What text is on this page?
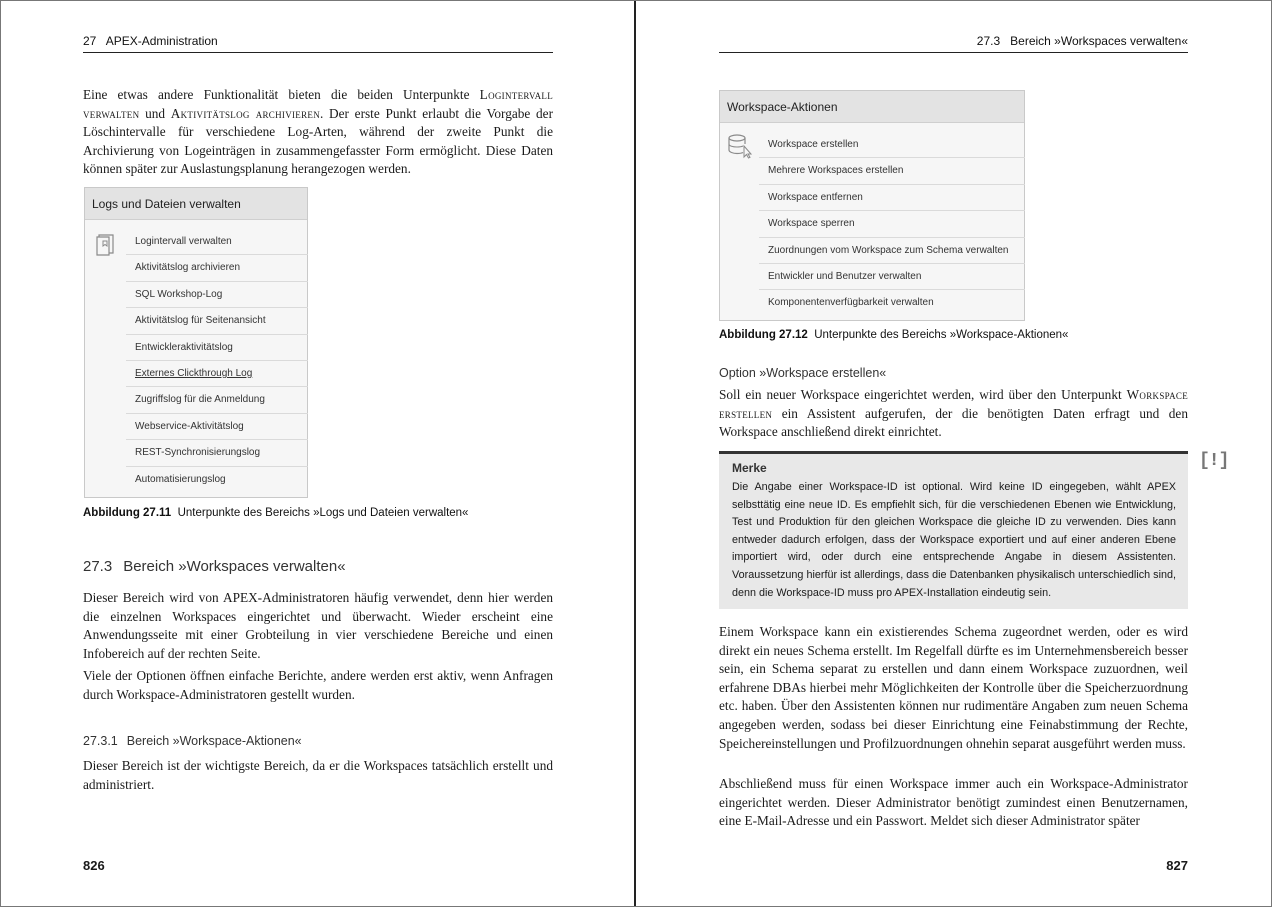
27   APEX-Administration

Eine etwas andere Funktionalität bieten die beiden Unterpunkte Logintervall verwalten und Aktivitätslog archivieren. Der erste Punkt erlaubt die Vorgabe der Löschintervalle für verschiedene Log-Arten, während der zweite Punkt die Archivierung von Logeinträgen in zusammengefasster Form ermöglicht. Diese Daten können später zur Auslastungsplanung herangezogen werden.

Logs und Dateien verwalten
Logintervall verwalten
Aktivitätslog archivieren
SQL Workshop-Log
Aktivitätslog für Seitenansicht
Entwickleraktivitätslog
Externes Clickthrough Log
Zugriffslog für die Anmeldung
Webservice-Aktivitätslog
REST-Synchronisierungslog
Automatisierungslog
Abbildung 27.11 Unterpunkte des Bereichs »Logs und Dateien verwalten«
27.3 Bereich »Workspaces verwalten«

Dieser Bereich wird von APEX-Administratoren häufig verwendet, denn hier werden die einzelnen Workspaces eingerichtet und überwacht. Wieder erscheint eine Anwendungsseite mit einer Grobteilung in vier verschiedene Bereiche und einen Infobereich auf der rechten Seite.

Viele der Optionen öffnen einfache Berichte, andere werden erst aktiv, wenn Anfragen durch Workspace-Administratoren gestellt wurden.

27.3.1 Bereich »Workspace-Aktionen«

Dieser Bereich ist der wichtigste Bereich, da er die Workspaces tatsächlich erstellt und administriert.

826
27.3   Bereich »Workspaces verwalten«
Workspace-Aktionen
Workspace erstellen
Mehrere Workspaces erstellen
Workspace entfernen
Workspace sperren
Zuordnungen vom Workspace zum Schema verwalten
Entwickler und Benutzer verwalten
Komponentenverfügbarkeit verwalten
Abbildung 27.12 Unterpunkte des Bereichs »Workspace-Aktionen«
Option »Workspace erstellen«

Soll ein neuer Workspace eingerichtet werden, wird über den Unterpunkt Workspace erstellen ein Assistent aufgerufen, der die benötigten Daten erfragt und den Workspace anschließend direkt einrichtet.

Merke
Die Angabe einer Workspace-ID ist optional. Wird keine ID eingegeben, wählt APEX selbsttätig eine neue ID. Es empfiehlt sich, für die verschiedenen Ebenen wie Entwicklung, Test und Produktion für den gleichen Workspace die gleiche ID zu verwenden. Dies kann entweder dadurch erfolgen, dass der Workspace exportiert und auf einer anderen Ebene importiert wird, oder durch eine entsprechende Angabe in diesem Assistenten. Voraussetzung hierfür ist allerdings, dass die Datenbanken physikalisch unterschiedlich sind, denn die Workspace-ID muss pro APEX-Installation eindeutig sein.
[!]

Einem Workspace kann ein existierendes Schema zugeordnet werden, oder es wird direkt ein neues Schema erstellt. Im Regelfall dürfte es im Unternehmensbereich besser sein, ein Schema separat zu erstellen und dann einem Workspace zuzuordnen, weil erfahrene DBAs hierbei mehr Möglichkeiten der Kontrolle über die Speicherzuordnung etc. haben. Über den Assistenten können nur rudimentäre Angaben zum neuen Schema angegeben werden, sodass bei dieser Einrichtung eine Feinabstimmung der Rechte, Speichereinstellungen und Profilzuordnungen ohnehin separat ausgeführt werden muss.

Abschließend muss für einen Workspace immer auch ein Workspace-Administrator eingerichtet werden. Dieser Administrator benötigt zumindest einen Benutzernamen, eine E-Mail-Adresse und ein Passwort. Meldet sich dieser Administrator später

827
